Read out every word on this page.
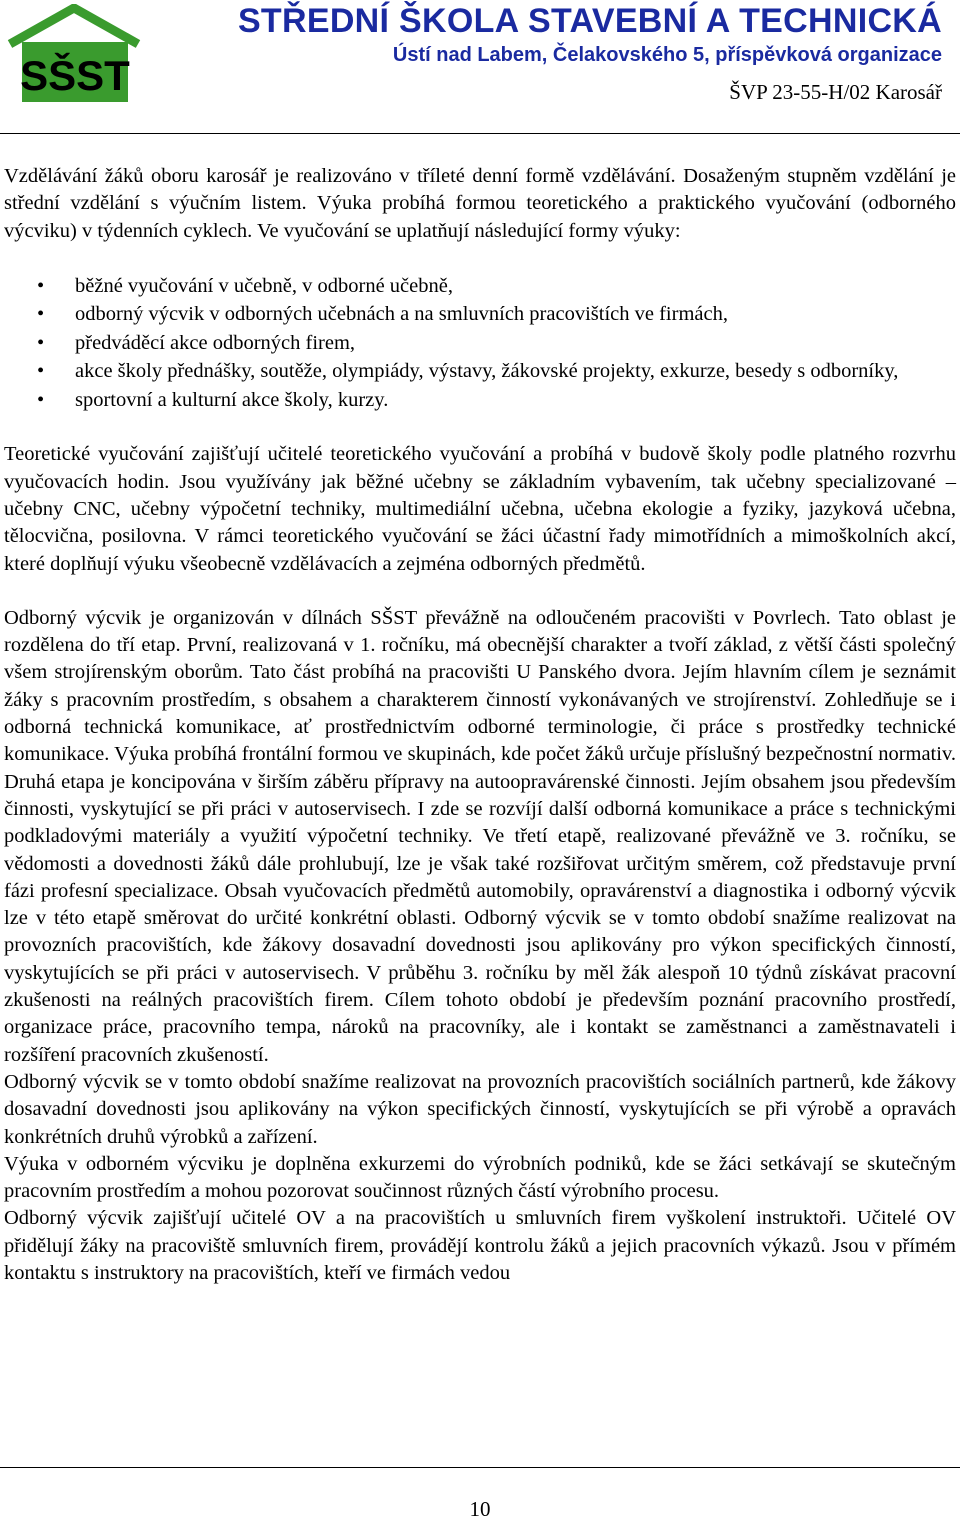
SŠST
STŘEDNÍ ŠKOLA STAVEBNÍ A TECHNICKÁ
Ústí nad Labem, Čelakovského 5, příspěvková organizace
ŠVP 23-55-H/02 Karosář

Vzdělávání žáků oboru karosář je realizováno v tříleté denní formě vzdělávání. Dosaženým stupněm vzdělání je střední vzdělání s výučním listem. Výuka probíhá formou teoretického a praktického vyučování (odborného výcviku) v týdenních cyklech. Ve vyučování se uplatňují následující formy výuky:

• běžné vyučování v učebně, v odborné učebně,
• odborný výcvik v odborných učebnách a na smluvních pracovištích ve firmách,
• předváděcí akce odborných firem,
• akce školy přednášky, soutěže, olympiády, výstavy, žákovské projekty, exkurze, besedy s odborníky,
• sportovní a kulturní akce školy, kurzy.

Teoretické vyučování zajišťují učitelé teoretického vyučování a probíhá v budově školy podle platného rozvrhu vyučovacích hodin. Jsou využívány jak běžné učebny se základním vybavením, tak učebny specializované – učebny CNC, učebny výpočetní techniky, multimediální učebna, učebna ekologie a fyziky, jazyková učebna, tělocvična, posilovna. V rámci teoretického vyučování se žáci účastní řady mimotřídních a mimoškolních akcí, které doplňují výuku všeobecně vzdělávacích a zejména odborných předmětů.

Odborný výcvik je organizován v dílnách SŠST převážně na odloučeném pracovišti v Povrlech. Tato oblast je rozdělena do tří etap. První, realizovaná v 1. ročníku, má obecnější charakter a tvoří základ, z větší části společný všem strojírenským oborům. Tato část probíhá na pracovišti U Panského dvora. Jejím hlavním cílem je seznámit žáky s pracovním prostředím, s obsahem a charakterem činností vykonávaných ve strojírenství. Zohledňuje se i odborná technická komunikace, ať prostřednictvím odborné terminologie, či práce s prostředky technické komunikace. Výuka probíhá frontální formou ve skupinách, kde počet žáků určuje příslušný bezpečnostní normativ. Druhá etapa je koncipována v širším záběru přípravy na autoopravárenské činnosti. Jejím obsahem jsou především činnosti, vyskytující se při práci v autoservisech. I zde se rozvíjí další odborná komunikace a práce s technickými podkladovými materiály a využití výpočetní techniky. Ve třetí etapě, realizované převážně ve 3. ročníku, se vědomosti a dovednosti žáků dále prohlubují, lze je však také rozšiřovat určitým směrem, což představuje první fázi profesní specializace. Obsah vyučovacích předmětů automobily, opravárenství a diagnostika i odborný výcvik lze v této etapě směrovat do určité konkrétní oblasti. Odborný výcvik se v tomto období snažíme realizovat na provozních pracovištích, kde žákovy dosavadní dovednosti jsou aplikovány pro výkon specifických činností, vyskytujících se při práci v autoservisech. V průběhu 3. ročníku by měl žák alespoň 10 týdnů získávat pracovní zkušenosti na reálných pracovištích firem. Cílem tohoto období je především poznání pracovního prostředí, organizace práce, pracovního tempa, nároků na pracovníky, ale i kontakt se zaměstnanci a zaměstnavateli i rozšíření pracovních zkušeností.

Odborný výcvik se v tomto období snažíme realizovat na provozních pracovištích sociálních partnerů, kde žákovy dosavadní dovednosti jsou aplikovány na výkon specifických činností, vyskytujících se při výrobě a opravách konkrétních druhů výrobků a zařízení.

Výuka v odborném výcviku je doplněna exkurzemi do výrobních podniků, kde se žáci setkávají se skutečným pracovním prostředím a mohou pozorovat součinnost různých částí výrobního procesu.

Odborný výcvik zajišťují učitelé OV a na pracovištích u smluvních firem vyškolení instruktoři. Učitelé OV přidělují žáky na pracoviště smluvních firem, provádějí kontrolu žáků a jejich pracovních výkazů. Jsou v přímém kontaktu s instruktory na pracovištích, kteří ve firmách vedou

10
